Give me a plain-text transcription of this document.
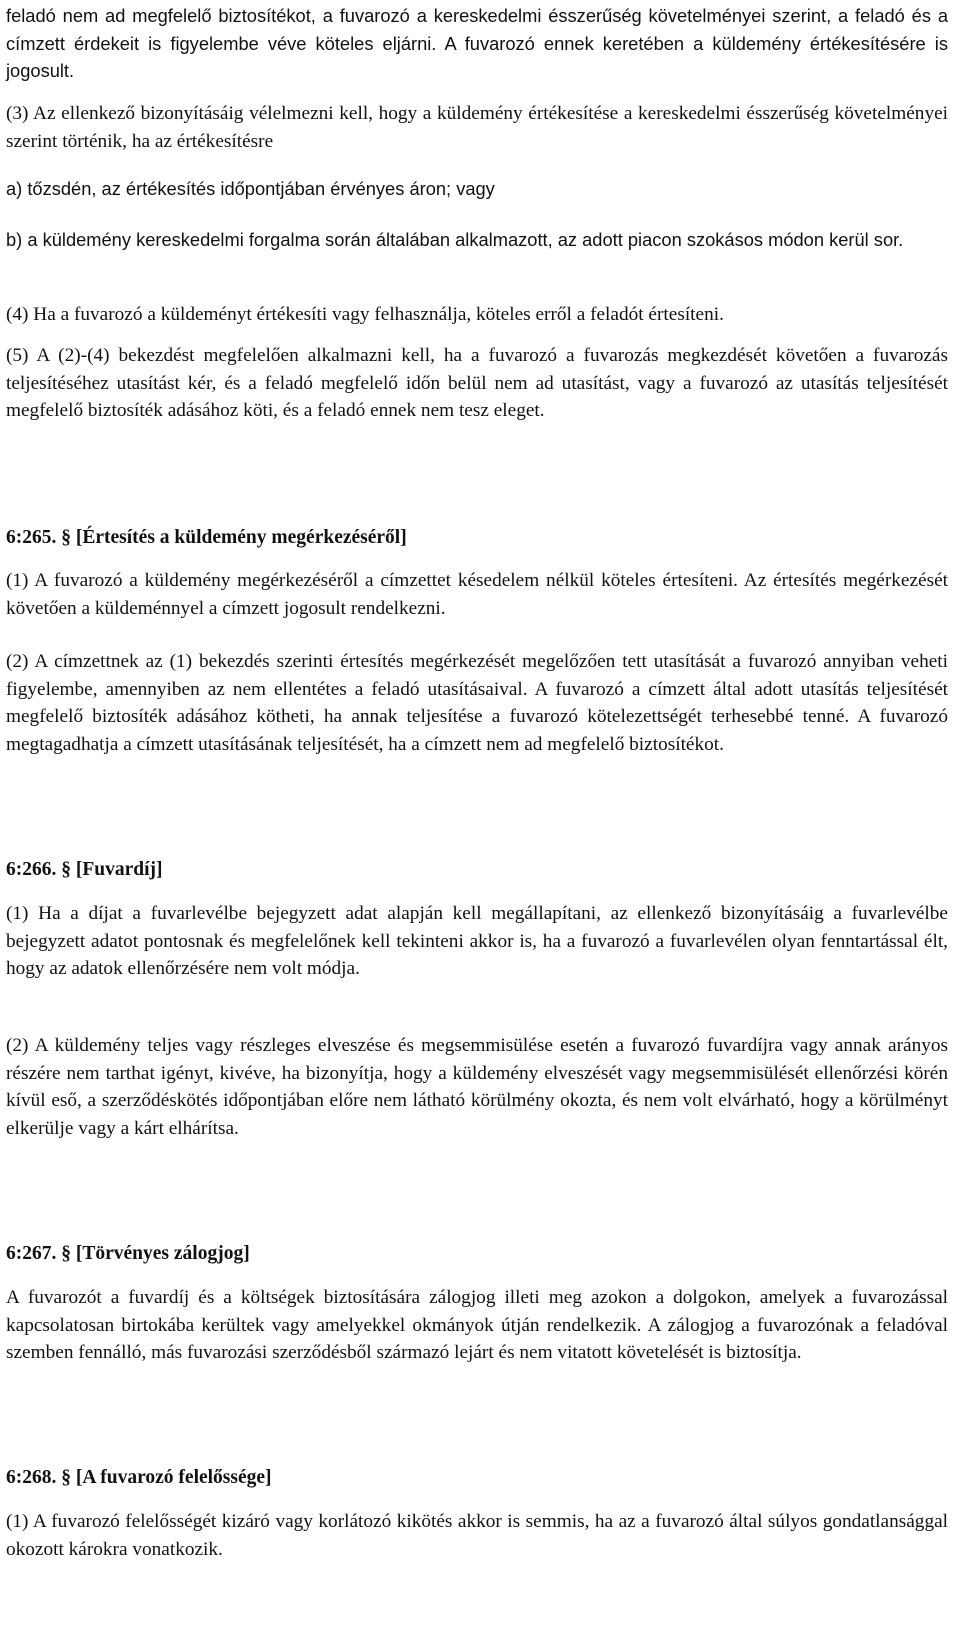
feladó nem ad megfelelő biztosítékot, a fuvarozó a kereskedelmi ésszerűség követelményei szerint, a feladó és a címzett érdekeit is figyelembe véve köteles eljárni. A fuvarozó ennek keretében a küldemény értékesítésére is jogosult.

(3) Az ellenkező bizonyításáig vélelmezni kell, hogy a küldemény értékesítése a kereskedelmi ésszerűség követelményei szerint történik, ha az értékesítésre

a) tőzsdén, az értékesítés időpontjában érvényes áron; vagy

b) a küldemény kereskedelmi forgalma során általában alkalmazott, az adott piacon szokásos módon kerül sor.

(4) Ha a fuvarozó a küldeményt értékesíti vagy felhasználja, köteles erről a feladót értesíteni.

(5) A (2)-(4) bekezdést megfelelően alkalmazni kell, ha a fuvarozó a fuvarozás megkezdését követően a fuvarozás teljesítéséhez utasítást kér, és a feladó megfelelő időn belül nem ad utasítást, vagy a fuvarozó az utasítás teljesítését megfelelő biztosíték adásához köti, és a feladó ennek nem tesz eleget.

6:265. § [Értesítés a küldemény megérkezéséről]

(1) A fuvarozó a küldemény megérkezéséről a címzettet késedelem nélkül köteles értesíteni. Az értesítés megérkezését követően a küldeménnyel a címzett jogosult rendelkezni.

(2) A címzettnek az (1) bekezdés szerinti értesítés megérkezését megelőzően tett utasítását a fuvarozó annyiban veheti figyelembe, amennyiben az nem ellentétes a feladó utasításaival. A fuvarozó a címzett által adott utasítás teljesítését megfelelő biztosíték adásához kötheti, ha annak teljesítése a fuvarozó kötelezettségét terhesebbé tenné. A fuvarozó megtagadhatja a címzett utasításának teljesítését, ha a címzett nem ad megfelelő biztosítékot.

6:266. § [Fuvardíj]

(1) Ha a díjat a fuvarlevélbe bejegyzett adat alapján kell megállapítani, az ellenkező bizonyításáig a fuvarlevélbe bejegyzett adatot pontosnak és megfelelőnek kell tekinteni akkor is, ha a fuvarozó a fuvarlevélen olyan fenntartással élt, hogy az adatok ellenőrzésére nem volt módja.

(2) A küldemény teljes vagy részleges elveszése és megsemmisülése esetén a fuvarozó fuvardíjra vagy annak arányos részére nem tarthat igényt, kivéve, ha bizonyítja, hogy a küldemény elveszését vagy megsemmisülését ellenőrzési körén kívül eső, a szerződéskötés időpontjában előre nem látható körülmény okozta, és nem volt elvárható, hogy a körülményt elkerülje vagy a kárt elhárítsa.

6:267. § [Törvényes zálogjog]

A fuvarozót a fuvardíj és a költségek biztosítására zálogjog illeti meg azokon a dolgokon, amelyek a fuvarozással kapcsolatosan birtokába kerültek vagy amelyekkel okmányok útján rendelkezik. A zálogjog a fuvarozónak a feladóval szemben fennálló, más fuvarozási szerződésből származó lejárt és nem vitatott követelését is biztosítja.

6:268. § [A fuvarozó felelőssége]

(1) A fuvarozó felelősségét kizáró vagy korlátozó kikötés akkor is semmis, ha az a fuvarozó által súlyos gondatlansággal okozott károkra vonatkozik.
